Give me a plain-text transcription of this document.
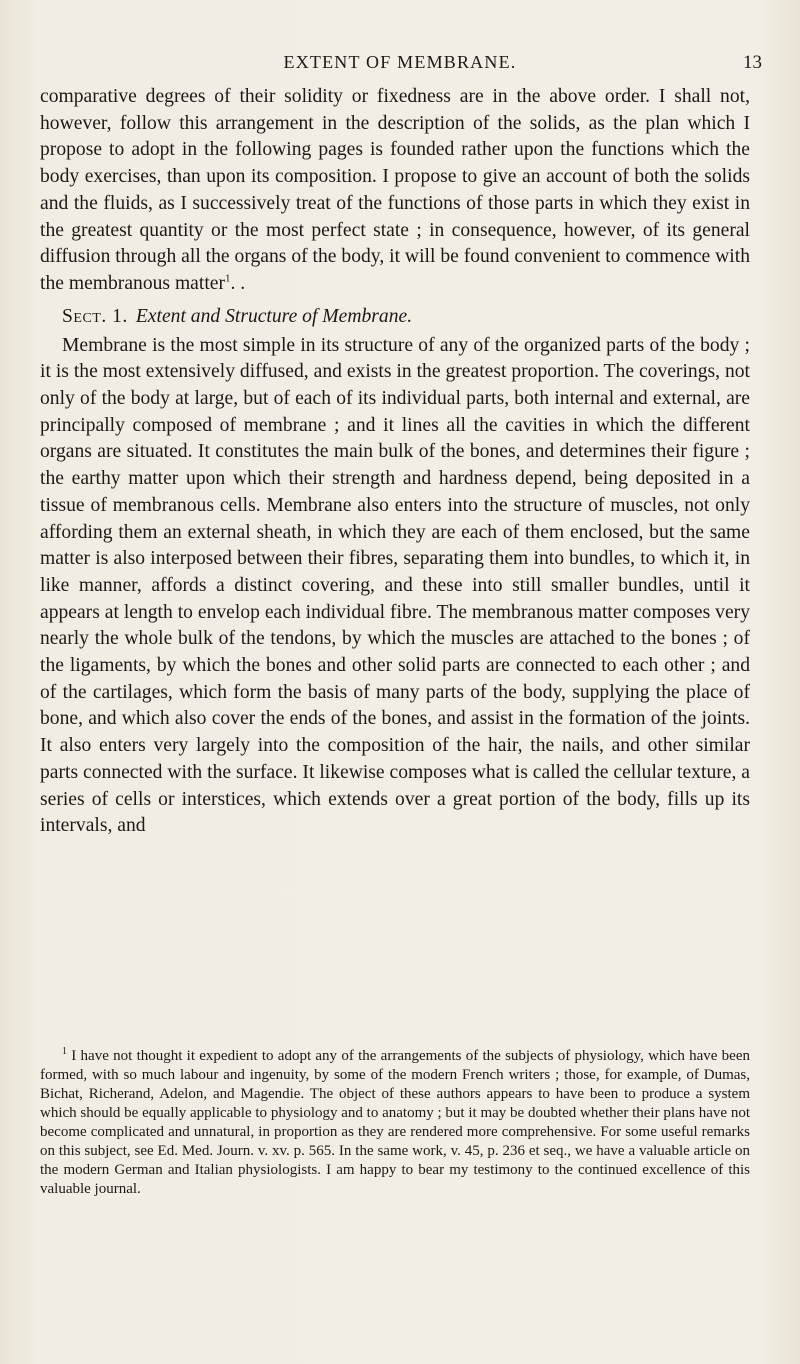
EXTENT OF MEMBRANE.	13

comparative degrees of their solidity or fixedness are in the above order. I shall not, however, follow this arrangement in the description of the solids, as the plan which I propose to adopt in the following pages is founded rather upon the functions which the body exercises, than upon its composition. I propose to give an account of both the solids and the fluids, as I successively treat of the functions of those parts in which they exist in the greatest quantity or the most perfect state ; in consequence, however, of its general diffusion through all the organs of the body, it will be found convenient to commence with the membranous matter$^1$. .

Sect. 1. Extent and Structure of Membrane.

Membrane is the most simple in its structure of any of the organized parts of the body ; it is the most extensively diffused, and exists in the greatest proportion. The coverings, not only of the body at large, but of each of its individual parts, both internal and external, are principally composed of membrane ; and it lines all the cavities in which the different organs are situated. It constitutes the main bulk of the bones, and determines their figure ; the earthy matter upon which their strength and hardness depend, being deposited in a tissue of membranous cells. Membrane also enters into the structure of muscles, not only affording them an external sheath, in which they are each of them enclosed, but the same matter is also interposed between their fibres, separating them into bundles, to which it, in like manner, affords a distinct covering, and these into still smaller bundles, until it appears at length to envelop each individual fibre. The membranous matter composes very nearly the whole bulk of the tendons, by which the muscles are attached to the bones ; of the ligaments, by which the bones and other solid parts are connected to each other ; and of the cartilages, which form the basis of many parts of the body, supplying the place of bone, and which also cover the ends of the bones, and assist in the formation of the joints. It also enters very largely into the composition of the hair, the nails, and other similar parts connected with the surface. It likewise composes what is called the cellular texture, a series of cells or interstices, which extends over a great portion of the body, fills up its intervals, and

$^1$ I have not thought it expedient to adopt any of the arrangements of the subjects of physiology, which have been formed, with so much labour and ingenuity, by some of the modern French writers ; those, for example, of Dumas, Bichat, Richerand, Adelon, and Magendie. The object of these authors appears to have been to produce a system which should be equally applicable to physiology and to anatomy ; but it may be doubted whether their plans have not become complicated and unnatural, in proportion as they are rendered more comprehensive. For some useful remarks on this subject, see Ed. Med. Journ. v. xv. p. 565. In the same work, v. 45, p. 236 et seq., we have a valuable article on the modern German and Italian physiologists. I am happy to bear my testimony to the continued excellence of this valuable journal.
